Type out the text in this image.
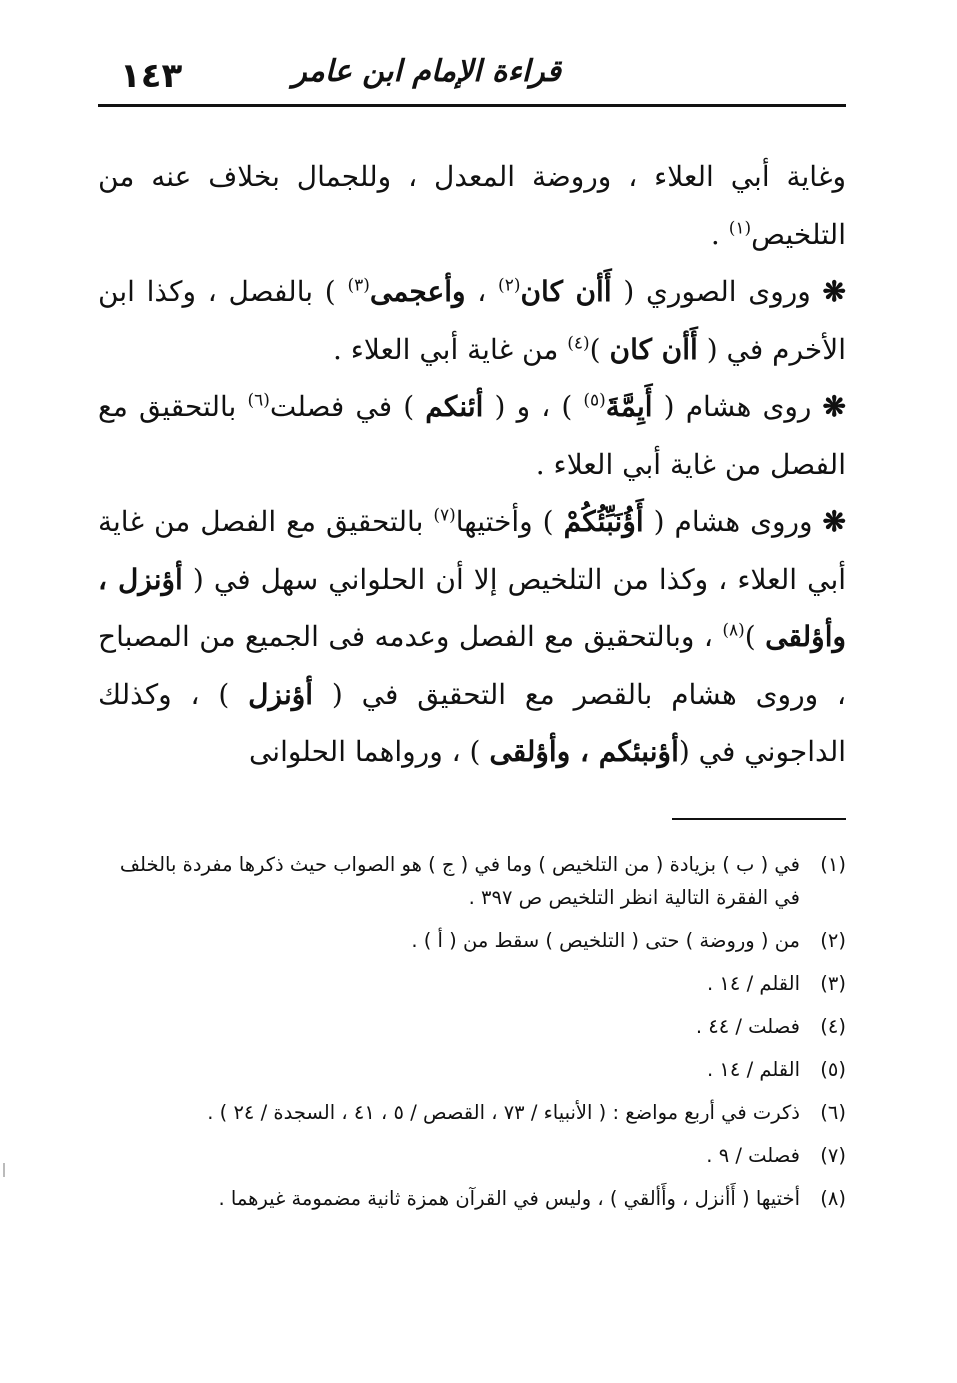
١٤٣	قراءة الإمام ابن عامر

وغاية أبي العلاء ، وروضة المعدل ، وللجمال بخلاف عنه من التلخيص$^{(١)}$ .

❋ وروى الصوري ( أَأن كان$^{(٢)}$ ، وأعجمى$^{(٣)}$ ) بالفصل ، وكذا ابن الأخرم في ( أَأن كان )$^{(٤)}$ من غاية أبي العلاء .

❋ روى هشام ( أَيِمَّةَ$^{(٥)}$ ) ، و ( أئنكم ) في فصلت$^{(٦)}$ بالتحقيق مع الفصل من غاية أبي العلاء .

❋ وروى هشام ( أَؤُنَبِّئُكُمْ ) وأختيها$^{(٧)}$ بالتحقيق مع الفصل من غاية أبي العلاء ، وكذا من التلخيص إلا أن الحلواني سهل في ( أؤنزل ، وأؤلقى )$^{(٨)}$ ، وبالتحقيق مع الفصل وعدمه فى الجميع من المصباح ، وروى هشام بالقصر مع التحقيق في ( أؤنزل ) ، وكذلك الداجوني في (أؤنبئكم ، وأؤلقى ) ، ورواهما الحلوانى

(١)
في ( ب ) بزيادة ( من التلخيص ) وما في ( ج ) هو الصواب حيث ذكرها مفردة بالخلف في الفقرة التالية انظر التلخيص ص ٣٩٧ .

(٢)
من ( وروضة ) حتى ( التلخيص ) سقط من ( أ ) .

(٣)
القلم / ١٤ .

(٤)
فصلت / ٤٤ .

(٥)
القلم / ١٤ .

(٦)
ذكرت في أربع مواضع : ( الأنبياء / ٧٣ ، القصص / ٥ ، ٤١ ، السجدة / ٢٤ ) .

(٧)
فصلت / ٩ .

(٨)
أختيها ( أَأنزل ، وأَألقي ) ، وليس في القرآن همزة ثانية مضمومة غيرهما .
